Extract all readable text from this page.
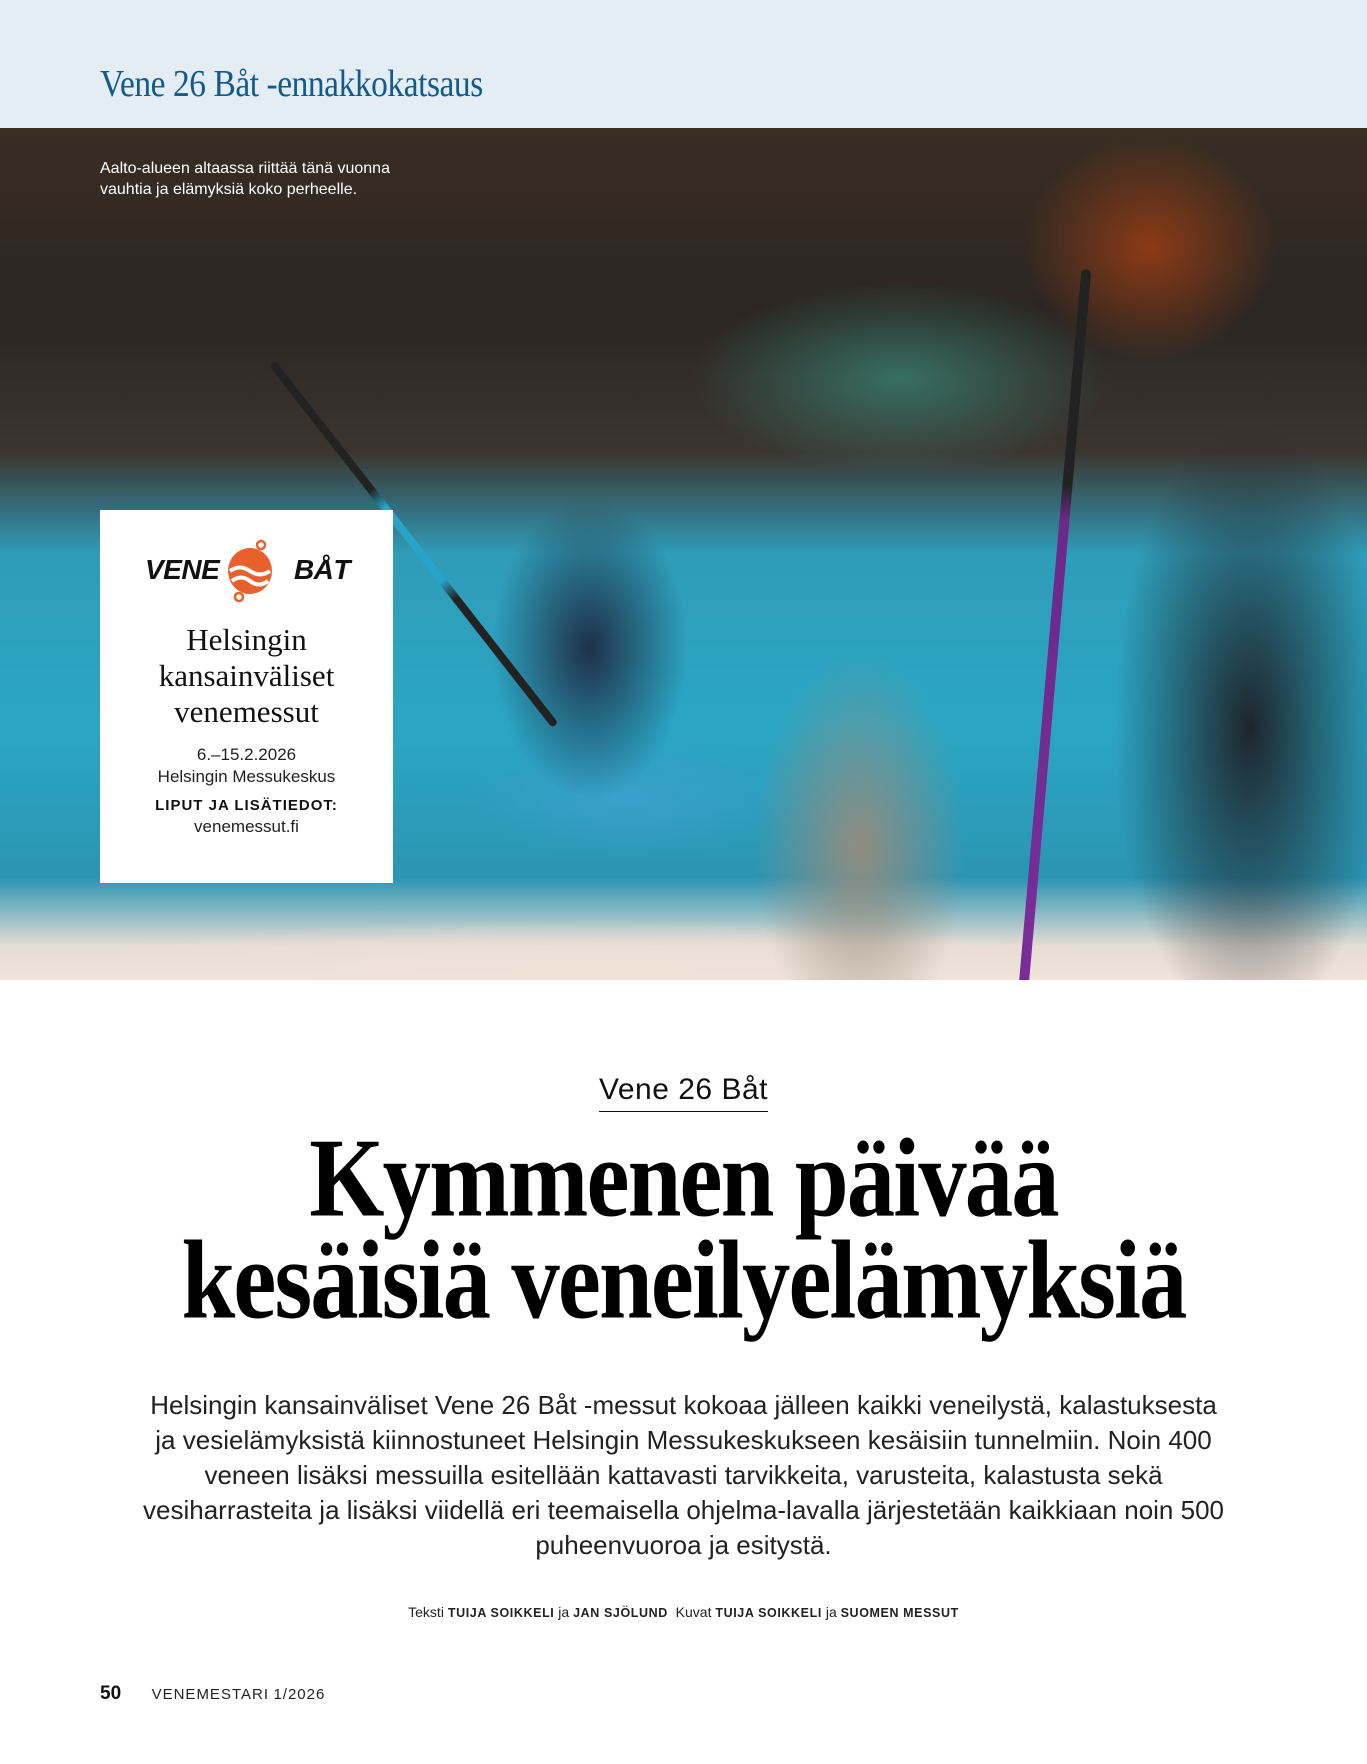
Vene 26 Båt -ennakkokatsaus
Aalto-alueen altaassa riittää tänä vuonna
vauhtia ja elämyksiä koko perheelle.
VENE	BÅT
Helsingin
kansainväliset
venemessut
6.–15.2.2026
Helsingin Messukeskus
LIPUT JA LISÄTIEDOT:
venemessut.fi
Vene 26 Båt
Kymmenen päivää
kesäisiä veneilyelämyksiä

Helsingin kansainväliset Vene 26 Båt -messut kokoaa jälleen kaikki veneilystä, kalastuksesta ja vesielämyksistä kiinnostuneet Helsingin Messukeskukseen kesäisiin tunnelmiin. Noin 400 veneen lisäksi messuilla esitellään kattavasti tarvikkeita, varusteita, kalastusta sekä vesiharrasteita ja lisäksi viidellä eri teemaisella ohjelma-lavalla järjestetään kaikkiaan noin 500 puheenvuoroa ja esitystä.

Teksti TUIJA SOIKKELI ja JAN SJÖLUND Kuvat TUIJA SOIKKELI ja SUOMEN MESSUT
50 VENEMESTARI 1/2026
